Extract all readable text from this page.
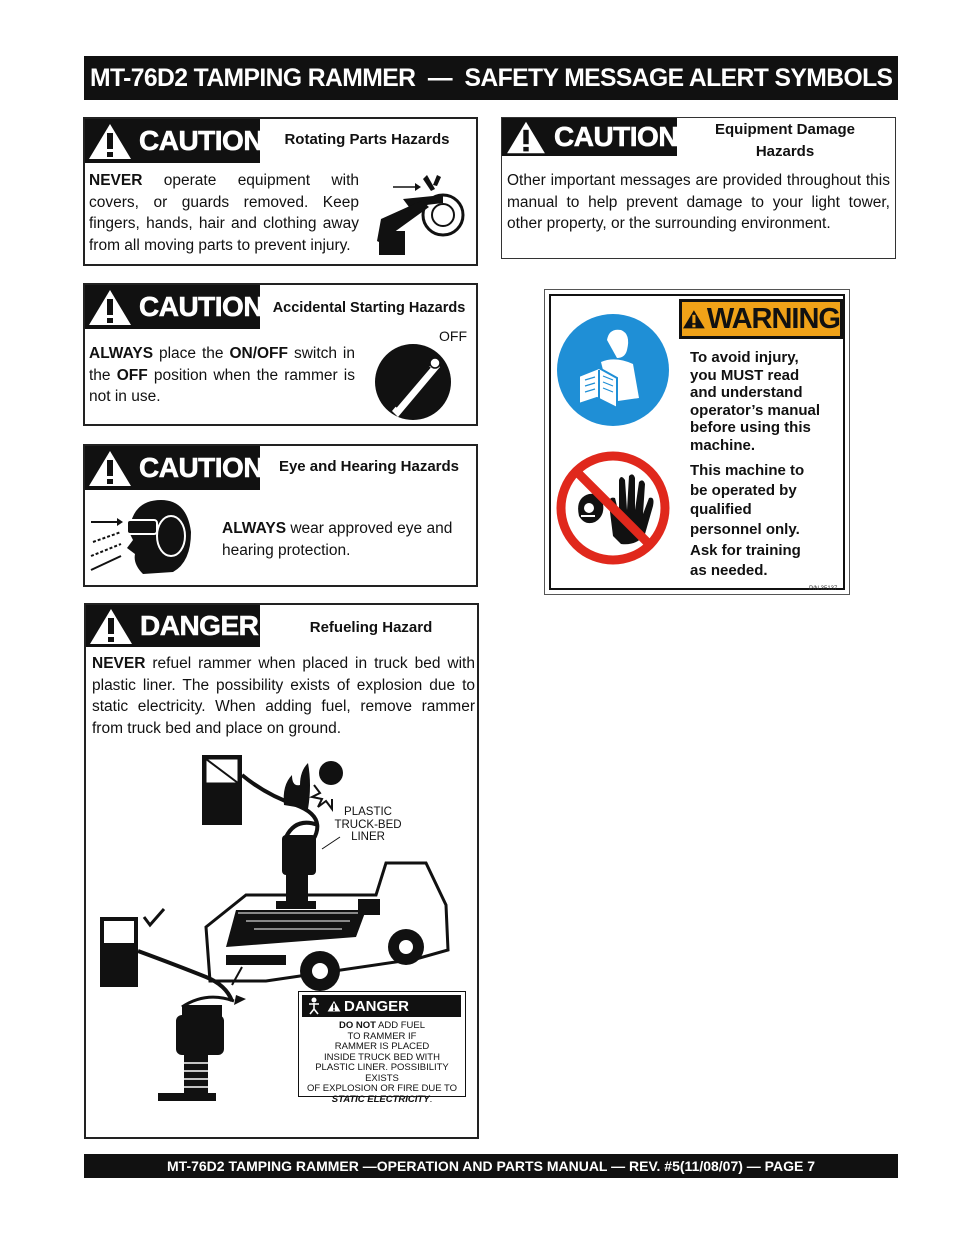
MT-76D2 TAMPING RAMMER  —  SAFETY MESSAGE ALERT SYMBOLS
CAUTION	Rotating Parts Hazards
NEVER operate equipment with covers, or guards removed. Keep fingers, hands, hair and clothing away from all moving parts to prevent injury.
CAUTION	Equipment Damage Hazards
Other important messages are provided throughout this manual to help prevent damage to your light tower, other property, or the surrounding environment.
CAUTION Accidental Starting Hazards
ALWAYS place the ON/OFF switch in the OFF position when the rammer is not in use.
OFF
CAUTION	Eye and Hearing Hazards
ALWAYS wear approved eye and hearing protection.
DANGER	Refueling Hazard
NEVER refuel rammer when placed in truck bed with plastic liner. The possibility exists of explosion due to static electricity. When adding fuel, remove rammer from truck bed and place on ground.
PLASTIC
TRUCK-BED
LINER
DANGER
DO NOT ADD FUEL
TO RAMMER IF
RAMMER IS PLACED
INSIDE TRUCK BED WITH
PLASTIC LINER. POSSIBILITY EXISTS
OF EXPLOSION OR FIRE DUE TO
STATIC ELECTRICITY.
WARNING
To avoid injury,
you MUST read
and understand
operator’s manual
before using this
machine.
This machine to
be operated by
qualified
personnel only.
Ask for training
as needed.
P/N 35137
MT-76D2 TAMPING RAMMER —OPERATION AND PARTS MANUAL — REV. #5(11/08/07) — PAGE 7
